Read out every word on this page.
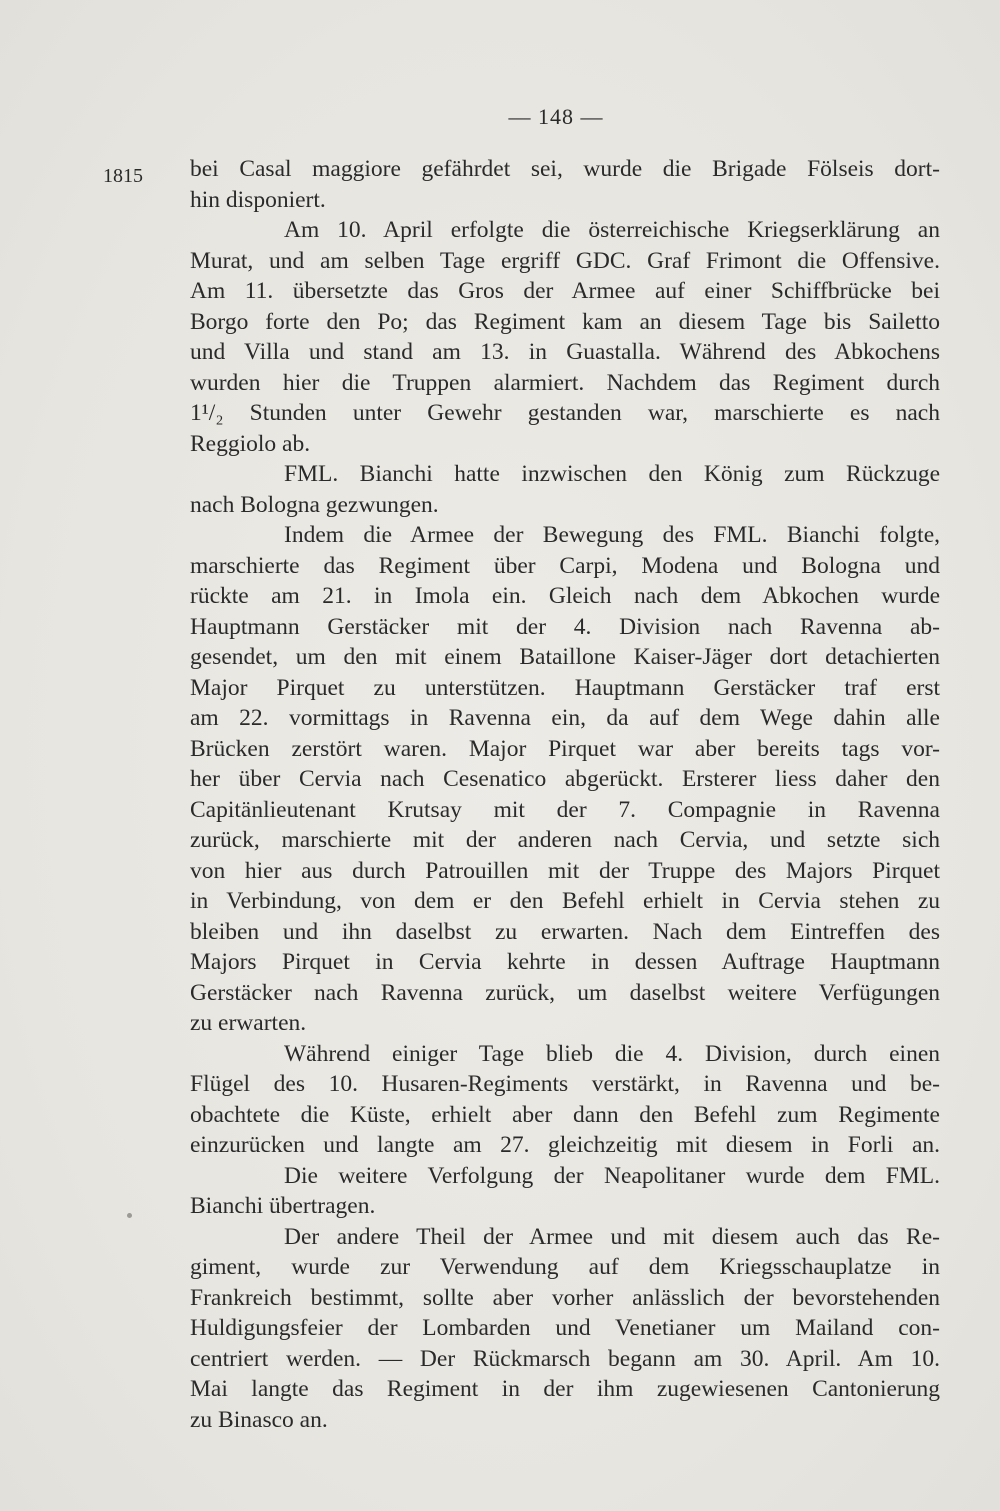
— 148 —
1815 bei Casal maggiore gefährdet sei, wurde die Brigade Fölseis dort-
hin disponiert.
Am 10. April erfolgte die österreichische Kriegserklärung an
Murat, und am selben Tage ergriff GDC. Graf Frimont die Offensive.
Am 11. übersetzte das Gros der Armee auf einer Schiffbrücke bei
Borgo forte den Po; das Regiment kam an diesem Tage bis Sailetto
und Villa und stand am 13. in Guastalla. Während des Abkochens
wurden hier die Truppen alarmiert. Nachdem das Regiment durch
1¹/₂ Stunden unter Gewehr gestanden war, marschierte es nach
Reggiolo ab.
FML. Bianchi hatte inzwischen den König zum Rückzuge
nach Bologna gezwungen.
Indem die Armee der Bewegung des FML. Bianchi folgte,
marschierte das Regiment über Carpi, Modena und Bologna und
rückte am 21. in Imola ein. Gleich nach dem Abkochen wurde
Hauptmann Gerstäcker mit der 4. Division nach Ravenna ab-
gesendet, um den mit einem Bataillone Kaiser-Jäger dort detachierten
Major Pirquet zu unterstützen. Hauptmann Gerstäcker traf erst
am 22. vormittags in Ravenna ein, da auf dem Wege dahin alle
Brücken zerstört waren. Major Pirquet war aber bereits tags vor-
her über Cervia nach Cesenatico abgerückt. Ersterer liess daher den
Capitänlieutenant Krutsay mit der 7. Compagnie in Ravenna
zurück, marschierte mit der anderen nach Cervia, und setzte sich
von hier aus durch Patrouillen mit der Truppe des Majors Pirquet
in Verbindung, von dem er den Befehl erhielt in Cervia stehen zu
bleiben und ihn daselbst zu erwarten. Nach dem Eintreffen des
Majors Pirquet in Cervia kehrte in dessen Auftrage Hauptmann
Gerstäcker nach Ravenna zurück, um daselbst weitere Verfügungen
zu erwarten.
Während einiger Tage blieb die 4. Division, durch einen
Flügel des 10. Husaren-Regiments verstärkt, in Ravenna und be-
obachtete die Küste, erhielt aber dann den Befehl zum Regimente
einzurücken und langte am 27. gleichzeitig mit diesem in Forli an.
Die weitere Verfolgung der Neapolitaner wurde dem FML.
Bianchi übertragen.
Der andere Theil der Armee und mit diesem auch das Re-
giment, wurde zur Verwendung auf dem Kriegsschauplatze in
Frankreich bestimmt, sollte aber vorher anlässlich der bevorstehenden
Huldigungsfeier der Lombarden und Venetianer um Mailand con-
centriert werden. — Der Rückmarsch begann am 30. April. Am 10.
Mai langte das Regiment in der ihm zugewiesenen Cantonierung
zu Binasco an.
